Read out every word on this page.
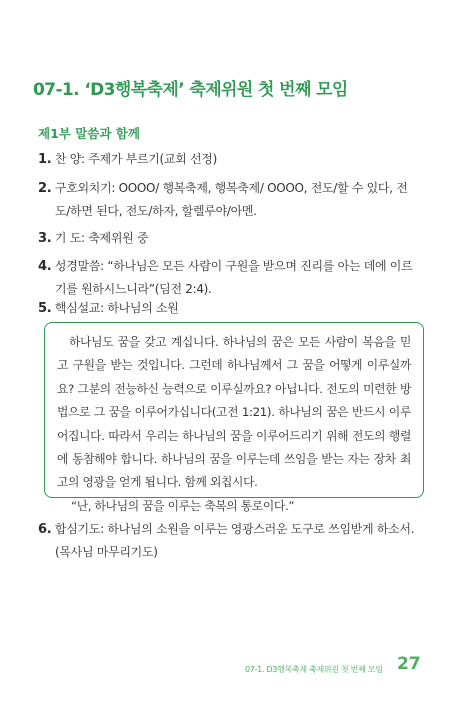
07-1. ‘D3행복축제’ 축제위원 첫 번째 모임
제1부 말씀과 함께
1. 찬 양: 주제가 부르기(교회 선정)
2. 구호외치기: OOOO/ 행복축제, 행복축제/ OOOO, 전도/할 수 있다, 전
도/하면 된다, 전도/하자, 할렐루야/아멘.
3. 기 도: 축제위원 중
4. 성경말씀: “하나님은 모든 사람이 구원을 받으며 진리를 아는 데에 이르
기를 원하시느니라”(딤전 2:4).
5. 핵심설교: 하나님의 소원

하나님도 꿈을 갖고 계십니다. 하나님의 꿈은 모든 사람이 복음을 믿고 구원을 받는 것입니다. 그런데 하나님께서 그 꿈을 어떻게 이루실까요? 그분의 전능하신 능력으로 이루실까요? 아닙니다. 전도의 미련한 방법으로 그 꿈을 이루어가십니다(고전 1:21). 하나님의 꿈은 반드시 이루어집니다. 따라서 우리는 하나님의 꿈을 이루어드리기 위해 전도의 행렬에 동참해야 합니다. 하나님의 꿈을 이루는데 쓰임을 받는 자는 장차 최고의 영광을 얻게 됩니다. 함께 외칩시다.
“난, 하나님의 꿈을 이루는 축복의 통로이다.”

6. 합심기도: 하나님의 소원을 이루는 영광스러운 도구로 쓰임받게 하소서.
(목사님 마무리기도)
07-1. D3행복축제 축제위원 첫 번째 모임 27
